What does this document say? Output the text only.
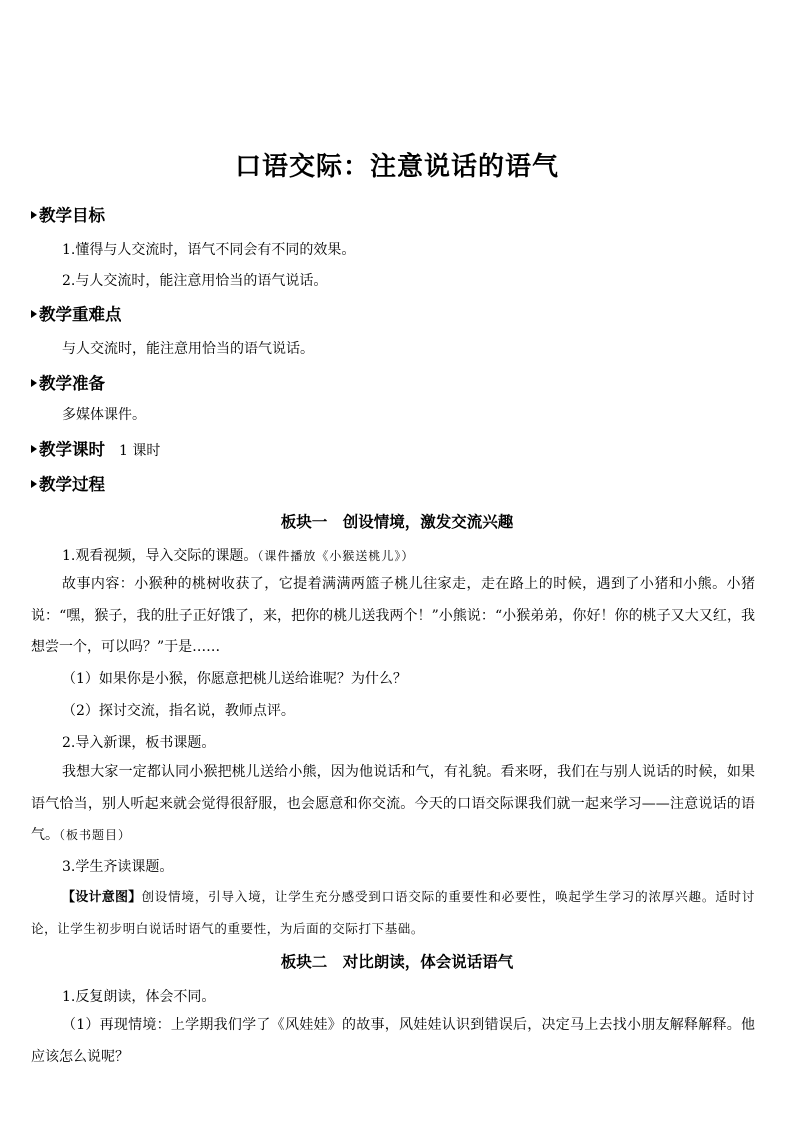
口语交际：注意说话的语气
教学目标
1.懂得与人交流时，语气不同会有不同的效果。
2.与人交流时，能注意用恰当的语气说话。
教学重难点
与人交流时，能注意用恰当的语气说话。
教学准备
多媒体课件。
教学课时 1 课时
教学过程
板块一　创设情境，激发交流兴趣
1.观看视频，导入交际的课题。（课件播放《小猴送桃儿》）
故事内容：小猴种的桃树收获了，它提着满满两篮子桃儿往家走，走在路上的时候，遇到了小猪和小熊。小猪说：“嘿，猴子，我的肚子正好饿了，来，把你的桃儿送我两个！”小熊说：“小猴弟弟，你好！你的桃子又大又红，我想尝一个，可以吗？”于是……
（1）如果你是小猴，你愿意把桃儿送给谁呢？为什么？
（2）探讨交流，指名说，教师点评。
2.导入新课，板书课题。
我想大家一定都认同小猴把桃儿送给小熊，因为他说话和气，有礼貌。看来呀，我们在与别人说话的时候，如果语气恰当，别人听起来就会觉得很舒服，也会愿意和你交流。今天的口语交际课我们就一起来学习——注意说话的语气。（板书题目）
3.学生齐读课题。
【设计意图】创设情境，引导入境，让学生充分感受到口语交际的重要性和必要性，唤起学生学习的浓厚兴趣。适时讨论，让学生初步明白说话时语气的重要性，为后面的交际打下基础。
板块二　对比朗读，体会说话语气
1.反复朗读，体会不同。
（1）再现情境：上学期我们学了《风娃娃》的故事，风娃娃认识到错误后，决定马上去找小朋友解释解释。他应该怎么说呢？
